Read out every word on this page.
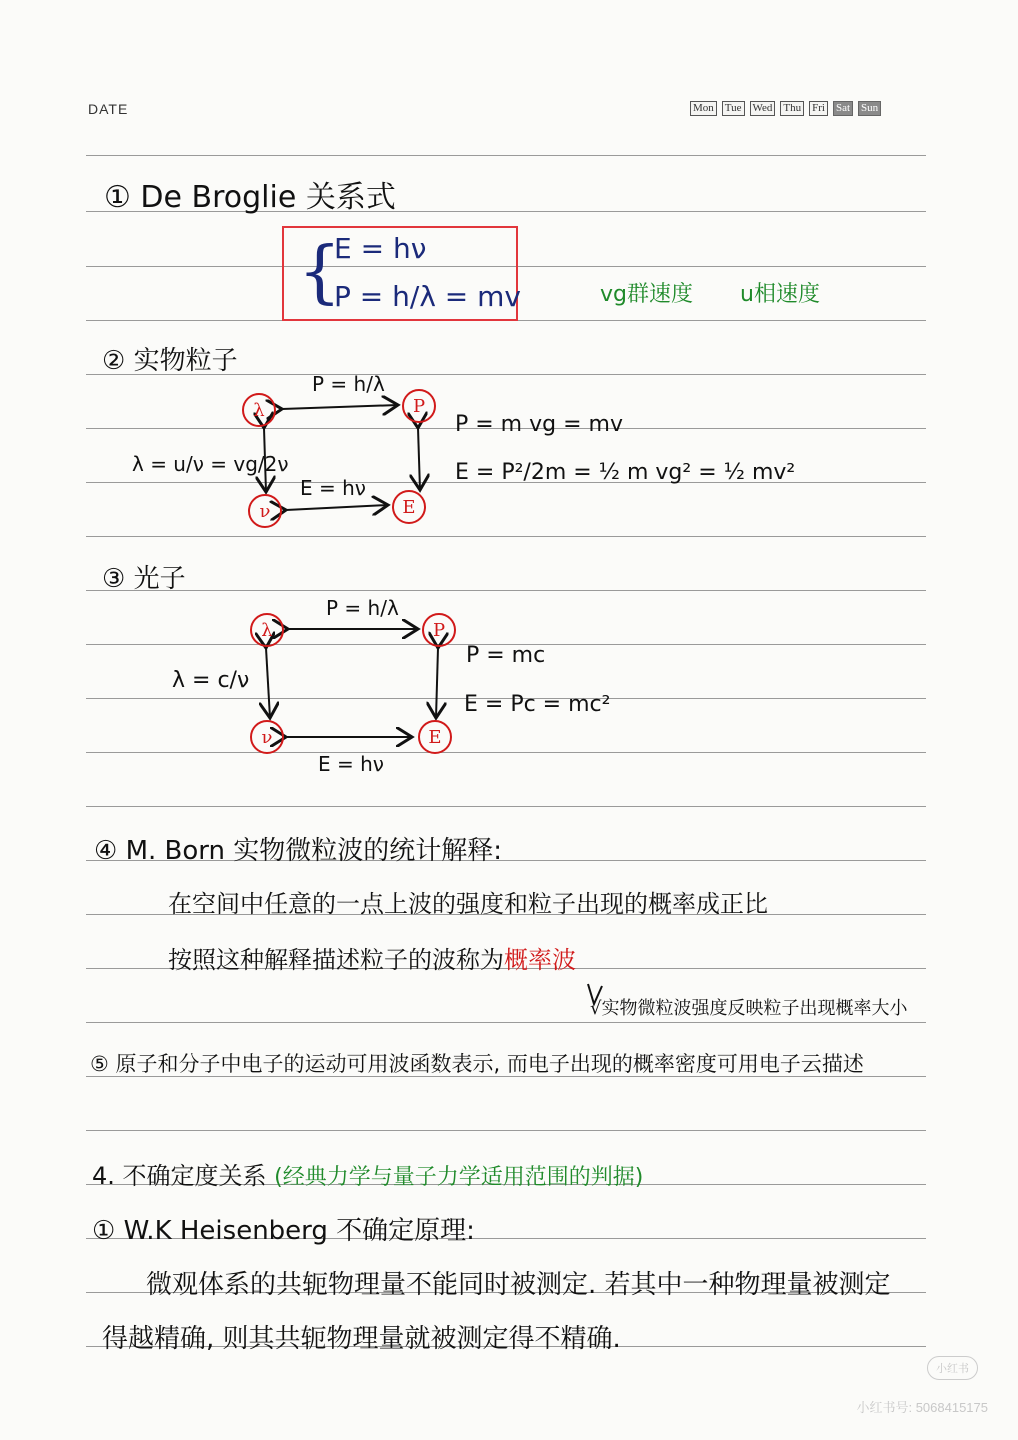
DATE	Mon Tue Wed Thu Fri Sat Sun
① De Broglie 关系式
{
E = hν
P = h/λ = mv	vg群速度 u相速度
② 实物粒子
λ	P
ν	E
P = h/λ
E = hν
λ = u/ν = vg/2ν
P = m vg = mv
E = P²/2m = ½ m vg² = ½ mv²
③ 光子
λ	P
ν	E
P = h/λ
E = hν
λ = c/ν
P = mc
E = Pc = mc²
④ M. Born 实物微粒波的统计解释:
在空间中任意的一点上波的强度和粒子出现的概率成正比
按照这种解释描述粒子的波称为概率波
√实物微粒波强度反映粒子出现概率大小
⑤ 原子和分子中电子的运动可用波函数表示, 而电子出现的概率密度可用电子云描述
4. 不确定度关系 (经典力学与量子力学适用范围的判据)
① W.K Heisenberg 不确定原理:
微观体系的共轭物理量不能同时被测定. 若其中一种物理量被测定
得越精确, 则其共轭物理量就被测定得不精确.
小红书
小红书号: 5068415175
